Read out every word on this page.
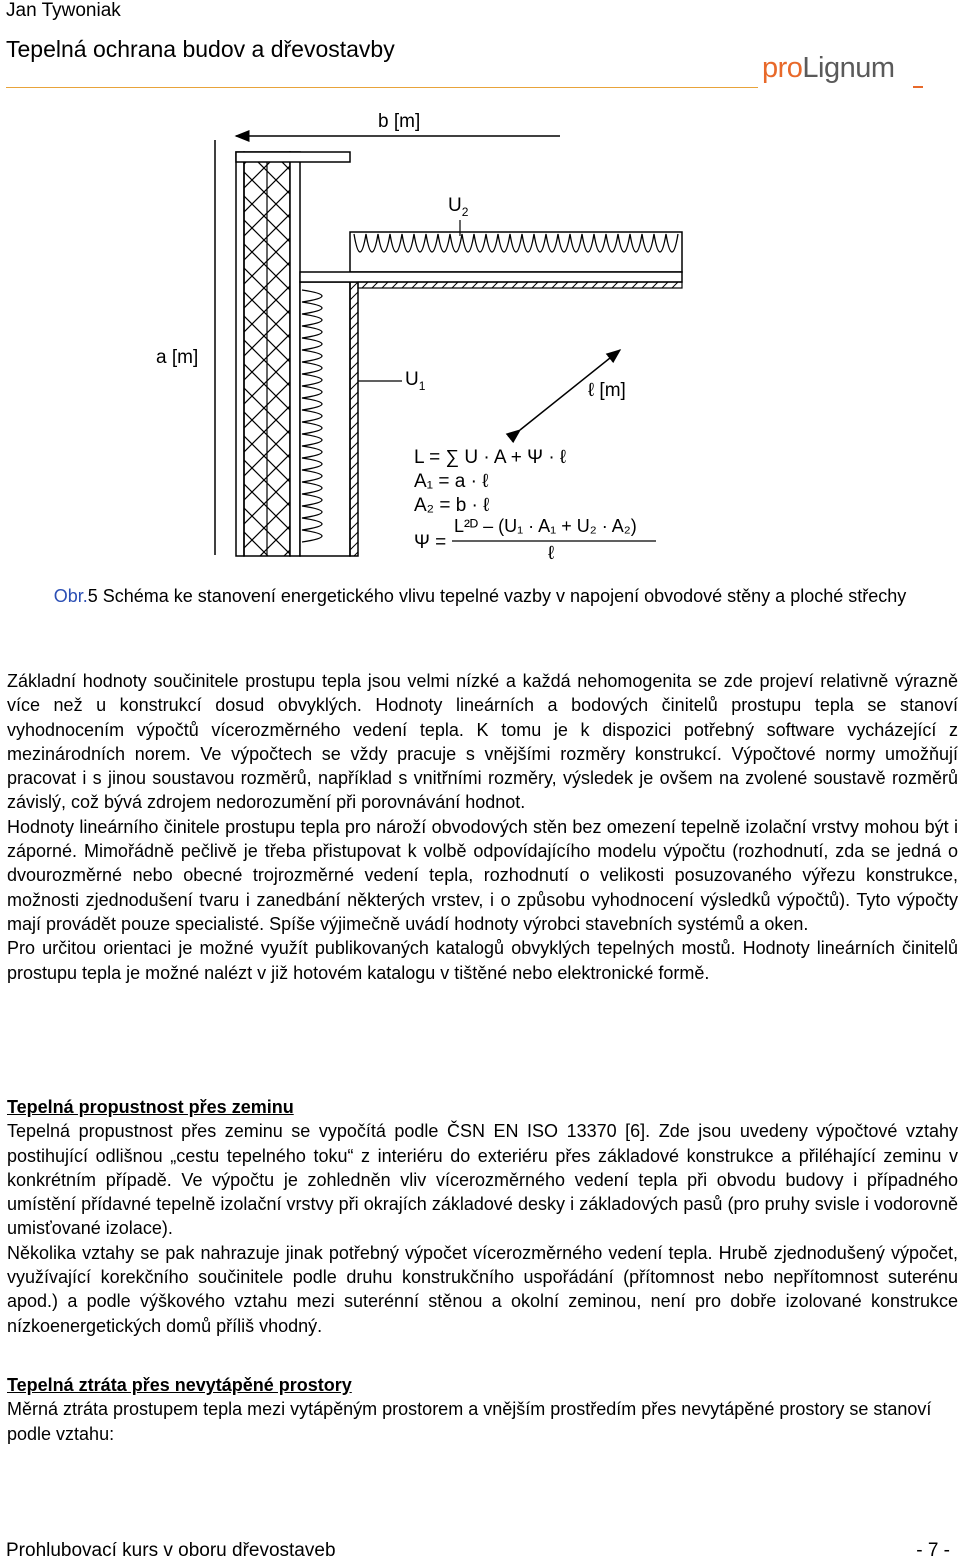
Jan Tywoniak
Tepelná ochrana budov a dřevostavby
proLignum
b [m]
a [m]
$U_2$
$U_1$	ℓ [m]
L = ∑ U · A + Ψ · ℓ
A₁ = a · ℓ
A₂ = b · ℓ
Ψ =
L²ᴰ – (U₁ · A₁ + U₂ · A₂)
ℓ
Obr.5 Schéma ke stanovení energetického vlivu tepelné vazby v napojení obvodové stěny a ploché střechy

Základní hodnoty součinitele prostupu tepla jsou velmi nízké a každá nehomogenita se zde projeví relativně výrazně více než u konstrukcí dosud obvyklých. Hodnoty lineárních a bodových činitelů prostupu tepla se stanoví vyhodnocením výpočtů vícerozměrného vedení tepla. K tomu je k dispozici potřebný software vycházející z mezinárodních norem. Ve výpočtech se vždy pracuje s vnějšími rozměry konstrukcí. Výpočtové normy umožňují pracovat i s jinou soustavou rozměrů, například s vnitřními rozměry, výsledek je ovšem na zvolené soustavě rozměrů závislý, což bývá zdrojem nedorozumění při porovnávání hodnot.

Hodnoty lineárního činitele prostupu tepla pro nároží obvodových stěn bez omezení tepelně izolační vrstvy mohou být i záporné. Mimořádně pečlivě je třeba přistupovat k volbě odpovídajícího modelu výpočtu (rozhodnutí, zda se jedná o dvourozměrné nebo obecné trojrozměrné vedení tepla, rozhodnutí o velikosti posuzovaného výřezu konstrukce, možnosti zjednodušení tvaru i zanedbání některých vrstev, i o způsobu vyhodnocení výsledků výpočtů). Tyto výpočty mají provádět pouze specialisté. Spíše výjimečně uvádí hodnoty výrobci stavebních systémů a oken.

Pro určitou orientaci je možné využít publikovaných katalogů obvyklých tepelných mostů. Hodnoty lineárních činitelů prostupu tepla je možné nalézt v již hotovém katalogu v tištěné nebo elektronické formě.

Tepelná propustnost přes zeminu

Tepelná propustnost přes zeminu se vypočítá podle ČSN EN ISO 13370 [6]. Zde jsou uvedeny výpočtové vztahy postihující odlišnou „cestu tepelného toku“ z interiéru do exteriéru přes základové konstrukce a přiléhající zeminu v konkrétním případě. Ve výpočtu je zohledněn vliv vícerozměrného vedení tepla při obvodu budovy i případného umístění přídavné tepelně izolační vrstvy při okrajích základové desky i základových pasů (pro pruhy svisle i vodorovně umisťované izolace).

Několika vztahy se pak nahrazuje jinak potřebný výpočet vícerozměrného vedení tepla. Hrubě zjednodušený výpočet, využívající korekčního součinitele podle druhu konstrukčního uspořádání (přítomnost nebo nepřítomnost suterénu apod.) a podle výškového vztahu mezi suterénní stěnou a okolní zeminou, není pro dobře izolované konstrukce nízkoenergetických domů příliš vhodný.

Tepelná ztráta přes nevytápěné prostory

Měrná ztráta prostupem tepla mezi vytápěným prostorem a vnějším prostředím přes nevytápěné prostory se stanoví podle vztahu:

Prohlubovací kurs v oboru dřevostaveb	- 7 -
